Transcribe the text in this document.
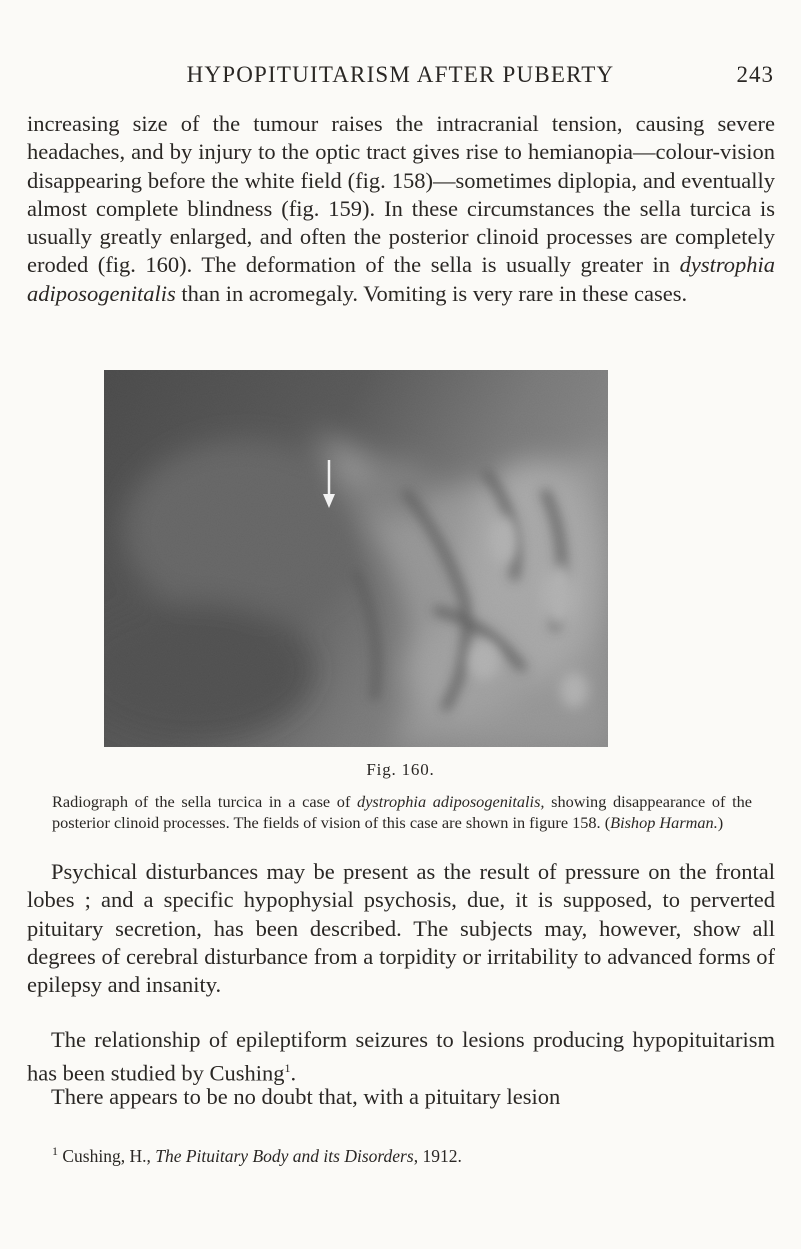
HYPOPITUITARISM AFTER PUBERTY	243

increasing size of the tumour raises the intracranial tension, causing severe headaches, and by injury to the optic tract gives rise to hemianopia—colour-vision disappearing before the white field (fig. 158)—sometimes diplopia, and eventually almost complete blindness (fig. 159). In these circumstances the sella turcica is usually greatly enlarged, and often the posterior clinoid processes are completely eroded (fig. 160). The deformation of the sella is usually greater in dystrophia adiposogenitalis than in acromegaly. Vomiting is very rare in these cases.

Fig. 160.

Radiograph of the sella turcica in a case of dystrophia adiposogenitalis, showing disappearance of the posterior clinoid processes. The fields of vision of this case are shown in figure 158. (Bishop Harman.)

Psychical disturbances may be present as the result of pressure on the frontal lobes ; and a specific hypophysial psychosis, due, it is supposed, to perverted pituitary secretion, has been described. The subjects may, however, show all degrees of cerebral disturbance from a torpidity or irritability to advanced forms of epilepsy and insanity.

The relationship of epileptiform seizures to lesions producing hypopituitarism has been studied by Cushing$^1$.

There appears to be no doubt that, with a pituitary lesion

$^1$ Cushing, H., The Pituitary Body and its Disorders, 1912.
